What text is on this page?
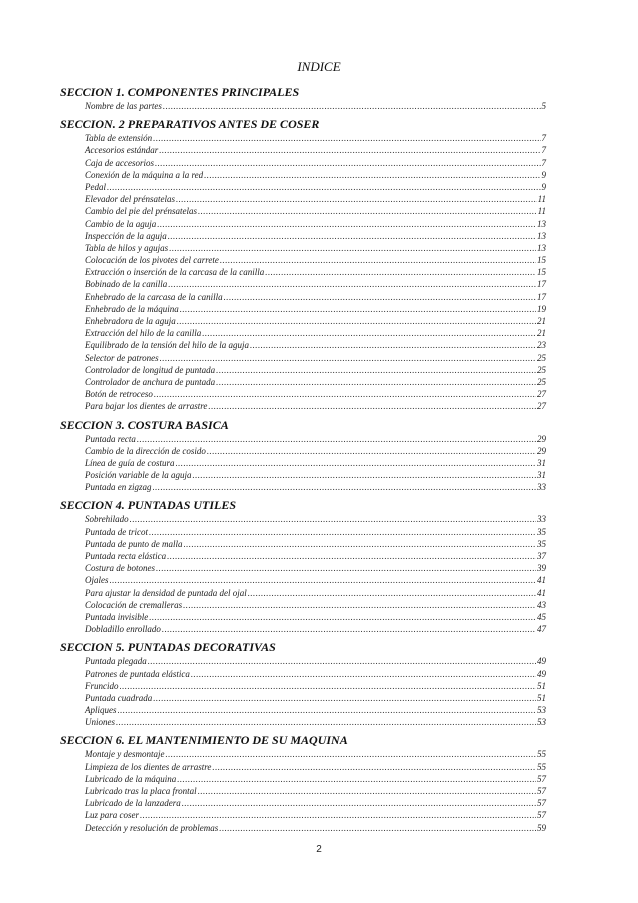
INDICE
SECCION 1. COMPONENTES PRINCIPALES
Nombre de las partes .....	5
SECCION. 2 PREPARATIVOS ANTES DE COSER
Tabla de extensión .....	7
Accesorios estándar .....	7
Caja de accesorios .....	7
Conexión de la máquina a la red .....	9
Pedal .....	9
Elevador del prénsatelas .....	11
Cambio del pie del prénsatelas .....	11
Cambio de la aguja .....	13
Inspección de la aguja .....	13
Tabla de hilos y agujas .....	13
Colocación de los pivotes del carrete .....	15
Extracción o inserción de la carcasa de la canilla .....	15
Bobinado de la canilla .....	17
Enhebrado de la carcasa de la canilla .....	17
Enhebrado de la máquina .....	19
Enhebradora de la aguja .....	21
Extracción del hilo de la canilla .....	21
Equilibrado de la tensión del hilo de la aguja .....	23
Selector de patrones .....	25
Controlador de longitud de puntada .....	25
Controlador de anchura de puntada .....	25
Botón de retroceso .....	27
Para bajar los dientes de arrastre .....	27
SECCION 3. COSTURA BASICA
Puntada recta .....	29
Cambio de la dirección de cosido .....	29
Línea de guía de costura .....	31
Posición variable de la aguja .....	31
Puntada en zigzag .....	33
SECCION 4. PUNTADAS UTILES
Sobrehilado .....	33
Puntada de tricot .....	35
Puntada de punto de malla .....	35
Puntada recta elástica .....	37
Costura de botones .....	39
Ojales .....	41
Para ajustar la densidad de puntada del ojal .....	41
Colocación de cremalleras .....	43
Puntada invisible .....	45
Dobladillo enrollado .....	47
SECCION 5. PUNTADAS DECORATIVAS
Puntada plegada .....	49
Patrones de puntada elástica .....	49
Fruncido .....	51
Puntada cuadrada .....	51
Apliques .....	53
Uniones .....	53
SECCION 6. EL MANTENIMIENTO DE SU MAQUINA
Montaje y desmontaje .....	55
Limpieza de los dientes de arrastre .....	55
Lubricado de la máquina .....	57
Lubricado tras la placa frontal .....	57
Lubricado de la lanzadera .....	57
Luz para coser .....	57
Detección y resolución de problemas .....	59
2
